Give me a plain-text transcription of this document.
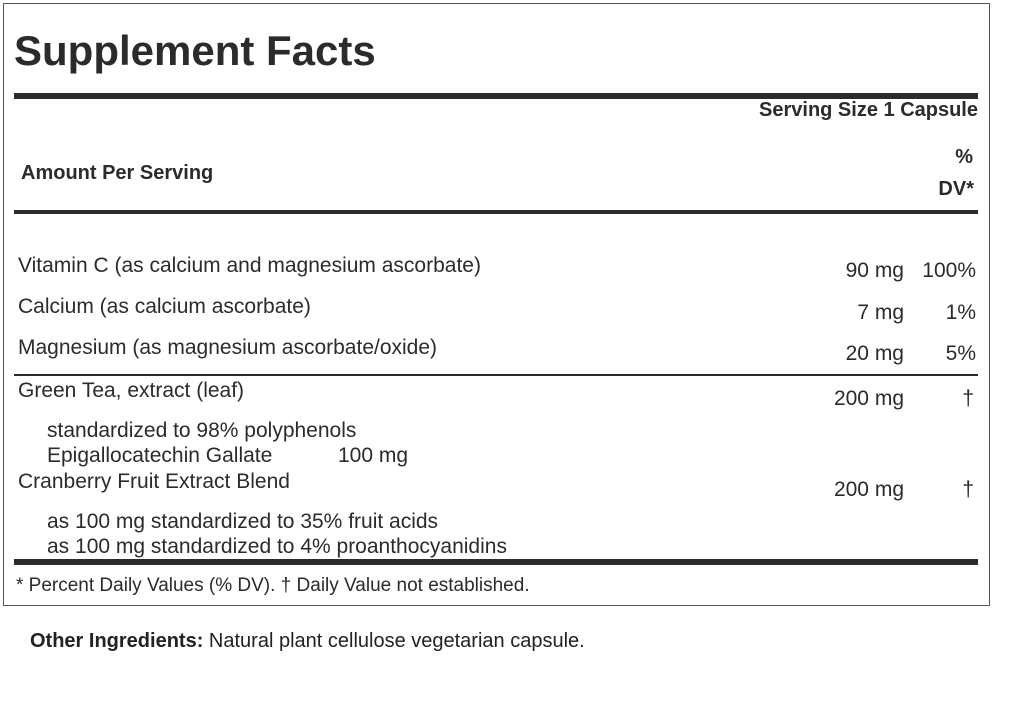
Supplement Facts
Serving Size 1 Capsule
Amount Per Serving
%
DV*
Vitamin C (as calcium and magnesium ascorbate)	90 mg 100%
Calcium (as calcium ascorbate)	7 mg 1%
Magnesium (as magnesium ascorbate/oxide)	20 mg 5%
Green Tea, extract (leaf)	200 mg	†
standardized to 98% polyphenols
Epigallocatechin Gallate	100 mg
Cranberry Fruit Extract Blend	200 mg	†
as 100 mg standardized to 35% fruit acids
as 100 mg standardized to 4% proanthocyanidins
* Percent Daily Values (% DV). † Daily Value not established.
Other Ingredients: Natural plant cellulose vegetarian capsule.
